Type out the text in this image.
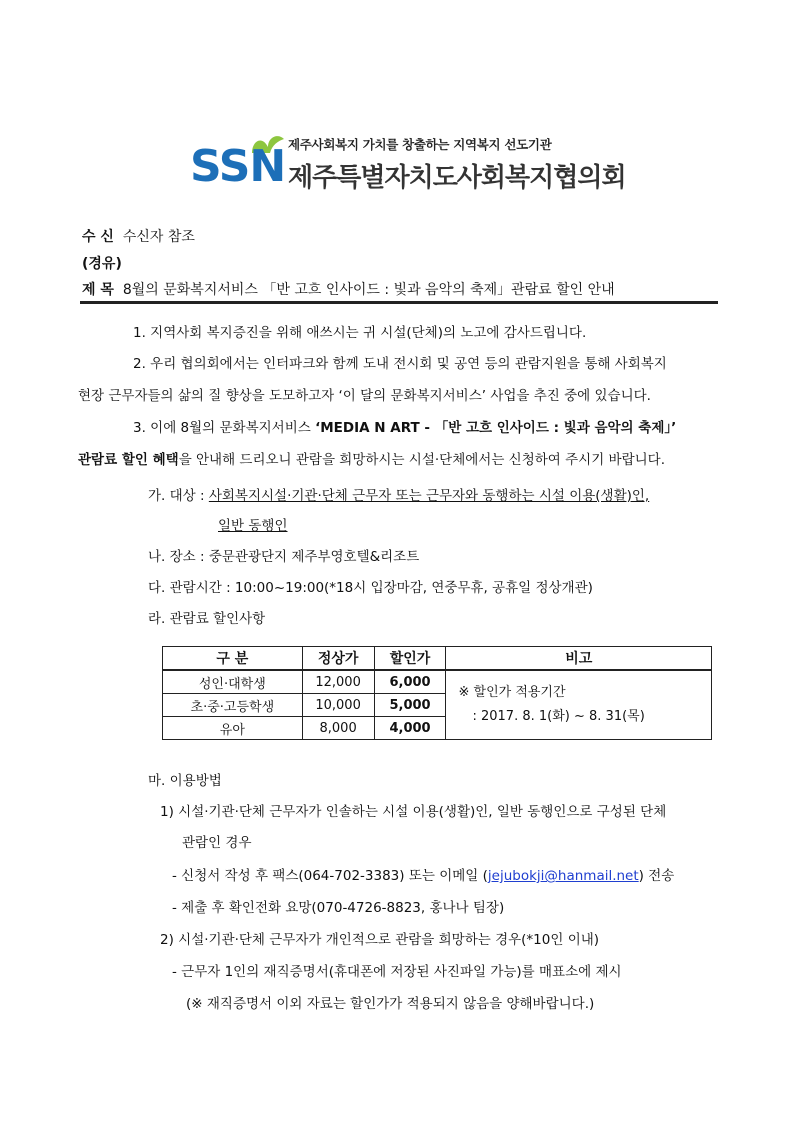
SSN 제주사회복지 가치를 창출하는 지역복지 선도기관
제주특별자치도사회복지협의회
수 신 수신자 참조
(경유)
제 목 8월의 문화복지서비스 「반 고흐 인사이드 : 빛과 음악의 축제」관람료 할인 안내
1. 지역사회 복지증진을 위해 애쓰시는 귀 시설(단체)의 노고에 감사드립니다.
2. 우리 협의회에서는 인터파크와 함께 도내 전시회 및 공연 등의 관람지원을 통해 사회복지
현장 근무자들의 삶의 질 향상을 도모하고자 ‘이 달의 문화복지서비스’ 사업을 추진 중에 있습니다.
3. 이에 8월의 문화복지서비스 ‘MEDIA N ART - 「반 고흐 인사이드 : 빛과 음악의 축제」’
관람료 할인 혜택을 안내해 드리오니 관람을 희망하시는 시설·단체에서는 신청하여 주시기 바랍니다.
가. 대상 : 사회복지시설·기관·단체 근무자 또는 근무자와 동행하는 시설 이용(생활)인,
일반 동행인
나. 장소 : 중문관광단지 제주부영호텔&리조트
다. 관람시간 : 10:00~19:00(*18시 입장마감, 연중무휴, 공휴일 정상개관)
라. 관람료 할인사항
구 분	정상가	할인가	비고
성인·대학생	12,000	6,000	※ 할인가 적용기간
: 2017. 8. 1(화) ~ 8. 31(목)

초·중·고등학생	10,000	5,000	
유아	8,000	4,000	
마. 이용방법
1) 시설·기관·단체 근무자가 인솔하는 시설 이용(생활)인, 일반 동행인으로 구성된 단체
관람인 경우
- 신청서 작성 후 팩스(064-702-3383) 또는 이메일 (jejubokji@hanmail.net) 전송
- 제출 후 확인전화 요망(070-4726-8823, 홍나나 팀장)
2) 시설·기관·단체 근무자가 개인적으로 관람을 희망하는 경우(*10인 이내)
- 근무자 1인의 재직증명서(휴대폰에 저장된 사진파일 가능)를 매표소에 제시
(※ 재직증명서 이외 자료는 할인가가 적용되지 않음을 양해바랍니다.)
